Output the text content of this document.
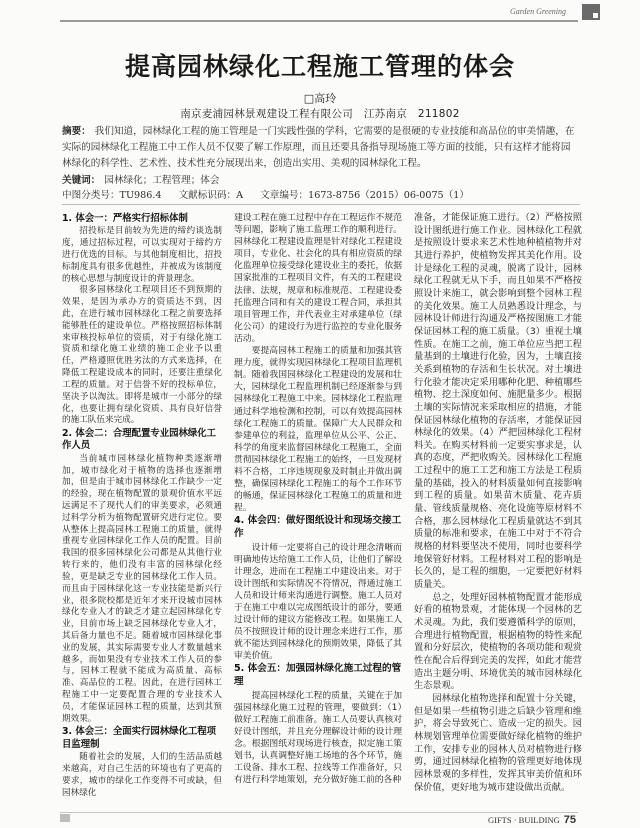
Garden Greening
提高园林绿化工程施工管理的体会
□高玲
南京麦浦园林景观建设工程有限公司　江苏南京　211802
摘要： 我们知道，园林绿化工程的施工管理是一门实践性强的学科，它需要的是很硬的专业技能和高品位的审美情趣，在实际的园林绿化工程施工中工作人员不仅要了解工作原理，而且还要具备指导现场施工等方面的技能，只有这样才能将园林绿化的科学性、艺术性、技术性充分展现出来，创造出实用、美观的园林绿化工程。
关键词： 园林绿化；工程管理；体会
中图分类号：TU986.4 文献标识码：A 文章编号：1673-8756（2015）06-0075（1）
1. 体会一：严格实行招标体制

招投标是目前较为先进的缔约谈选制度，通过招标过程，可以实现对于缔约方进行优选的目标。与其他制度相比，招投标制度具有很多优越性，并被成为该制度的核心思想与制度设计的背景理念。

很多园林绿化工程项目还不到预期的效果，是因为承办方的资质达不到，因此，在进行城市园林绿化工程之前要选择能够胜任的建设单位。严格按照招标体制来审核投标单位的资质，对于有绿化施工资质和绿化施工业绩的施工企业予以重任，严格遵照优胜劣汰的方式来选择，在降低工程建设成本的同时，还要注重绿化工程的质量。对于信誉不好的投标单位，坚决予以淘汰。即将是城市一小部分的绿化，也要让拥有绿化资质、具有良好信誉的施工队伍来完成。

2. 体会二：合理配置专业园林绿化工作人员

当前城市园林绿化植物种类逐渐增加，城市绿化对于植物的选择也逐渐增加，但是由于城市园林绿化工作缺少一定的经验，现在植物配置的景观价值水平远远满足不了现代人们的审美要求，必须通过科学分析为植物配置研究进行定位。要从整体上提高园林工程施工的质量，就得重视专业园林绿化工作人员的配置。目前我国的很多园林绿化公司都是从其他行业转行来的，他们没有丰富的园林绿化经验，更是缺乏专业的园林绿化工作人员。而且由于园林绿化这一专业技能是新兴行业，很多院校都是近年才来开设城市园林绿化专业人才的缺乏才建立起园林绿化专业，目前市场上缺乏园林绿化专业人才，其后备力量也不足。随着城市园林绿化事业的发展，其实际需要专业人才数量越来越多，而如果没有专业技术工作人员的参与，园林工程就不能成为高质量、高标准、高品位的工程。因此，在进行园林工程施工中一定要配置合理的专业技术人员，才能保证园林工程的质量，达到其预期效果。

3. 体会三：全面实行园林绿化工程项目监理制

随着社会的发展，人们的生活品质越来越高，对自己生活的环境也有了更高的要求，城市的绿化工作变得不可或缺，但园林绿化

建设工程在施工过程中存在工程运作不规范等问题，影响了施工监理工作的顺利进行。园林绿化工程建设监理是针对绿化工程建设项目，专业化、社会化的具有相应资质的绿化监理单位接受绿化建设业主的委托，依据国家批准的工程项目文件，有关的工程建设法律、法规，规章和标准规范、工程建设委托监理合同和有关的建设工程合同，承担其项目管理工作，并代表业主对承建单位（绿化公司）的建设行为进行监控的专业化服务活动。

要提高园林工程施工的质量和加强其管理力度，就得实现园林绿化工程项目监理机制。随着我国园林绿化工程建设的发展和壮大，园林绿化工程监理机制已经逐渐参与到园林绿化工程施工中来。园林绿化工程监理通过科学地检测和控制，可以有效提高园林绿化工程施工的质量。保障广大人民群众和参建单位的利益，监理单位从公平、公正、科学的角度来监督园林绿化工程施工，全面贯彻园林绿化工程施工的始终，一旦发现材料不合格，工序违规现象及时制止并做出调整，确保园林绿化工程施工的每个工作环节的畅通，保证园林绿化工程施工的质量和进程。

4. 体会四：做好图纸设计和现场交接工作

设计师一定要将自己的设计理念清晰而明确地传达给施工工作人员，让他们了解设计理念，进而在工程施工中建设出来。对于设计图纸和实际情况不符情况，得通过施工人员和设计师来沟通进行调整。施工人员对于在施工中难以完成图纸设计的部分，要通过设计师的建议方能修改工程。如果施工人员不按照设计师的设计理念来进行工作，那就不能达到园林绿化的预期效果，降低了其审美价值。

5. 体会五：加强园林绿化施工过程的管理

提高园林绿化工程的质量，关键在于加强园林绿化施工过程的管理，要做到：（1）做好工程施工前准备。施工人员要认真核对好设计图纸，并且充分理解设计师的设计理念。根据图纸对现场进行核查，拟定施工策划书，认真调整好施工场地的各个环节，施工设备、排水工程、拉线等工作准备好，只有进行科学地策划，充分做好施工前的各种

准备，才能保证施工进行。（2）严格按照设计图纸进行施工作业。园林绿化工程就是按照设计要求来艺术性地种植植物并对其进行养护，使植物发挥其美化作用。设计是绿化工程的灵魂，脱离了设计，园林绿化工程就无从下手，而且如果不严格按照设计来施工，就会影响到整个园林工程的美化效果。施工人员熟悉设计理念，与园林设计师进行沟通及严格按图施工才能保证园林工程的施工质量。（3）重视土壤性质。在施工之前，施工单位应当把工程量基到的土壤进行化验，因为，土壤直接关系到植物的存活和生长状况。对土壤进行化验才能决定采用哪种化肥、种植哪些植物、挖土深度如何、施肥量多少。根据土壤的实际情况来采取相应的措施，才能保证园林绿化植物的存活率，才能保证园林绿化的效果。（4）严把园林绿化工程材料关。在购买材料前一定要实事求是，认真的态度，严把收购关。园林绿化工程施工过程中的施工工艺和施工方法是工程质量的基础，投入的材料质量如何直接影响到工程的质量。如果苗木质量、花卉质量、管线质量规格、亮化设施等原材料不合格，那么园林绿化工程质量就达不到其质量的标准和要求，在施工中对于不符合规格的材料要坚决不使用，同时也要科学地保管好材料。工程材料对工程的影响是长久的，是工程的细胞，一定要把好材料质量关。

总之，处理好园林植物配置才能形成好看的植物景观，才能体现一个园林的艺术灵魂。为此，我们要遵循科学的原则，合理进行植物配置，根据植物的特性来配置和分好层次，使植物的各项功能和观赏性在配合后得到完美的发挥，如此才能营造出主题分明、环境优美的城市园林绿化生态景观。

园林绿化植物选择和配置十分关键，但是如果一些植物引进之后缺少管理和维护，将会导致死亡、造成一定的损失。园林规划管理单位需要做好绿化植物的维护工作，安排专业的园林人员对植物进行修剪，通过园林绿化植物的管理更好地体现园林景观的多样性，发挥其审美价值和环保价值，更好地为城市建设做出贡献。

GIFTS · BUILDING 75
